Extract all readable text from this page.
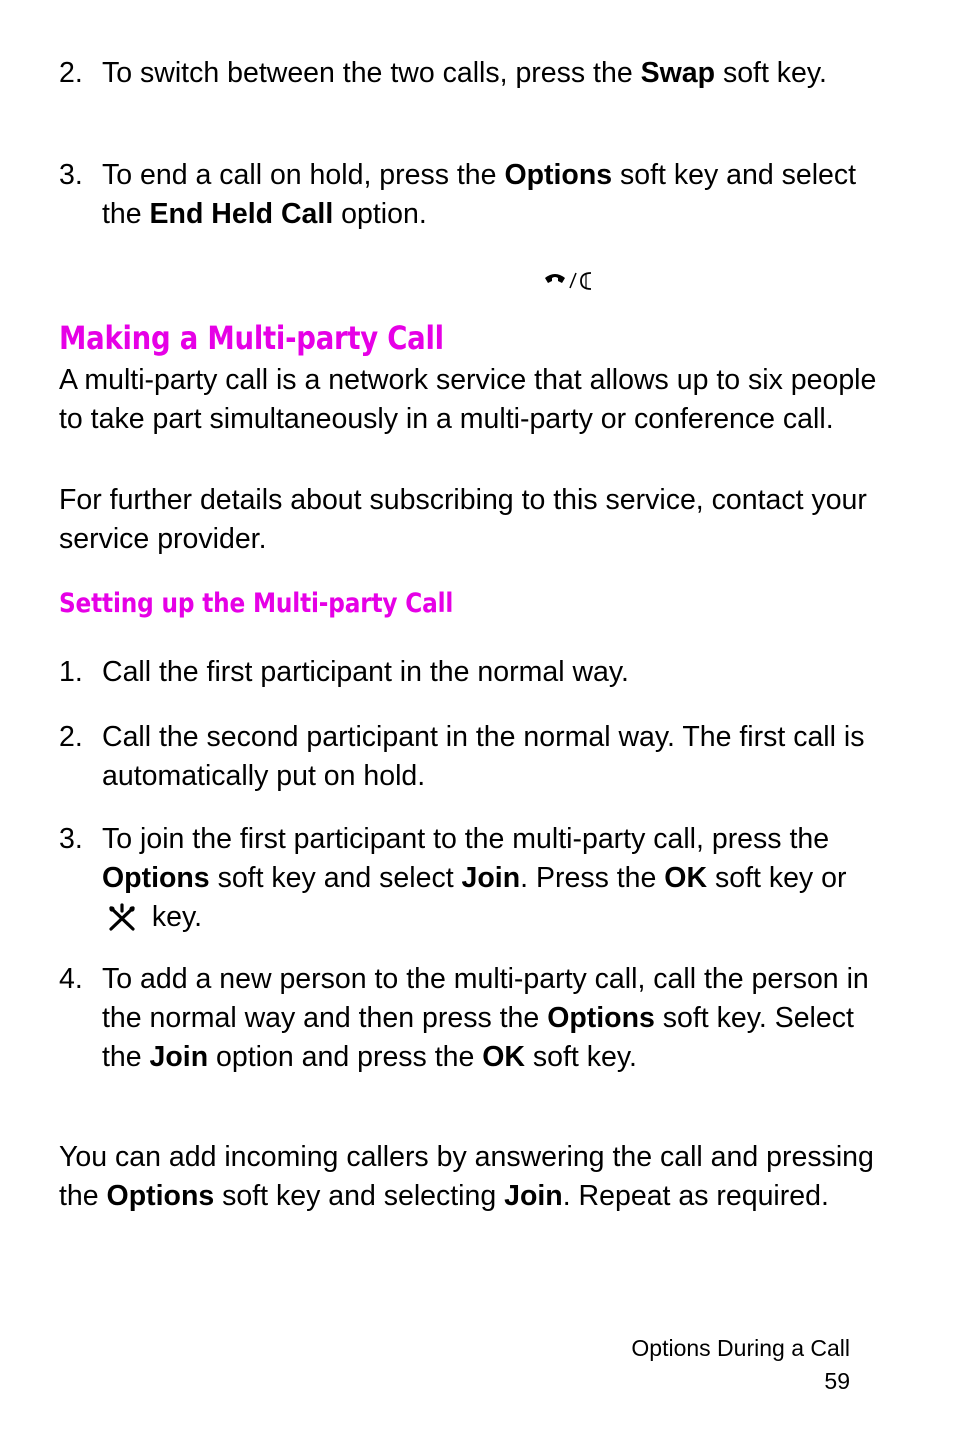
2. To switch between the two calls, press the Swap soft key.
3. To end a call on hold, press the Options soft key and select the End Held Call option.
Making a Multi-party Call

A multi-party call is a network service that allows up to six people to take part simultaneously in a multi-party or conference call.

For further details about subscribing to this service, contact your service provider.

Setting up the Multi-party Call
1. Call the first participant in the normal way.
2. Call the second participant in the normal way. The first call is automatically put on hold.
3. To join the first participant to the multi-party call, press the Options soft key and select Join. Press the OK soft key or  key.
4. To add a new person to the multi-party call, call the person in the normal way and then press the Options soft key. Select the Join option and press the OK soft key.

You can add incoming callers by answering the call and pressing the Options soft key and selecting Join. Repeat as required.

Options During a Call

59
